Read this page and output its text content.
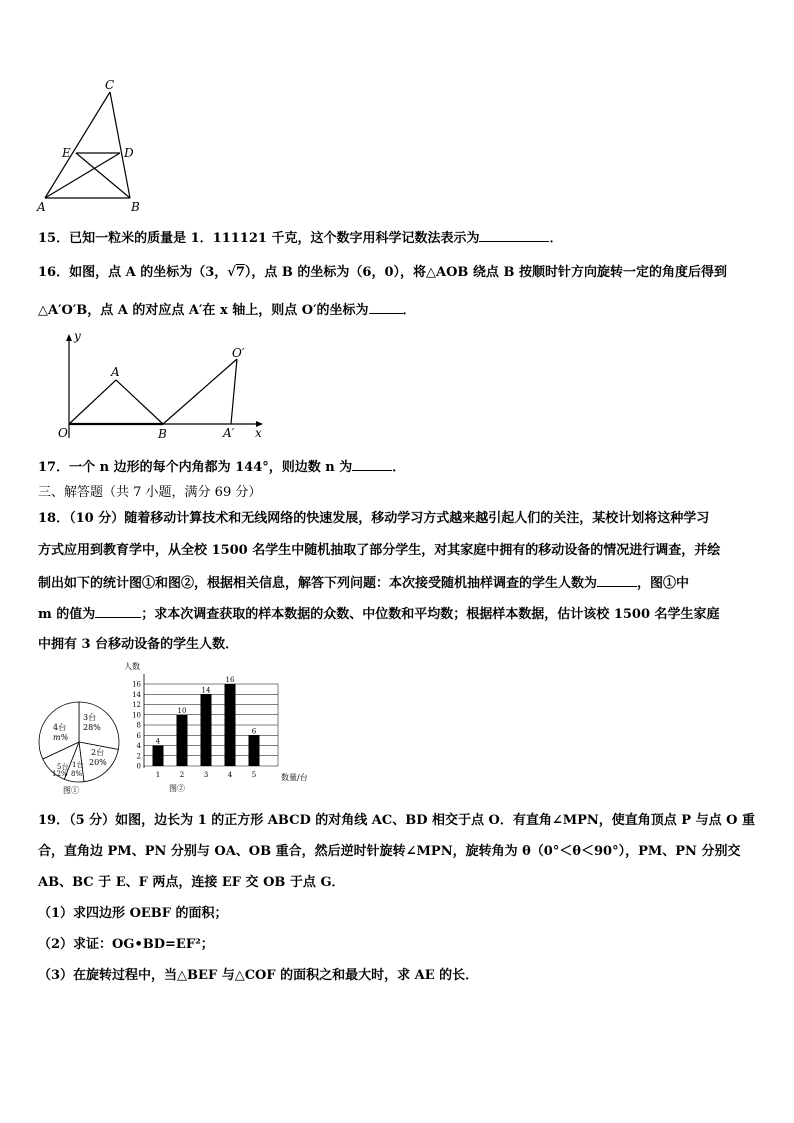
C
E	D
A	B
15．已知一粒米的质量是 1．111121 千克，这个数字用科学记数法表示为	．
16．如图，点 A 的坐标为（3，√7），点 B 的坐标为（6，0），将△AOB 绕点 B 按顺时针方向旋转一定的角度后得到
△A′O′B，点 A 的对应点 A′在 x 轴上，则点 O′的坐标为	．
y
x
O
A
B
O′
A′
17．一个 n 边形的每个内角都为 144°，则边数 n 为	．
三、解答题（共 7 小题，满分 69 分）
18．（10 分）随着移动计算技术和无线网络的快速发展，移动学习方式越来越引起人们的关注，某校计划将这种学习
方式应用到教育学中，从全校 1500 名学生中随机抽取了部分学生，对其家庭中拥有的移动设备的情况进行调查，并绘
制出如下的统计图①和图②，根据相关信息，解答下列问题：本次接受随机抽样调查的学生人数为	，图①中
m 的值为	；求本次调查获取的样本数据的众数、中位数和平均数；根据样本数据，估计该校 1500 名学生家庭
中拥有 3 台移动设备的学生人数．
3台
28%
2台
20%
1台
8%
5台
12%
4台
m%
图①
0
2
4
6
8
10
12
14
16
4
10
14
16
6
1	2	3	4	5
人数
数量/台
图②
19．（5 分）如图，边长为 1 的正方形 ABCD 的对角线 AC、BD 相交于点 O．有直角∠MPN，使直角顶点 P 与点 O 重
合，直角边 PM、PN 分别与 OA、OB 重合，然后逆时针旋转∠MPN，旋转角为 θ（0°＜θ＜90°），PM、PN 分别交
AB、BC 于 E、F 两点，连接 EF 交 OB 于点 G．
（1）求四边形 OEBF 的面积；
（2）求证：OG•BD=EF²；
（3）在旋转过程中，当△BEF 与△COF 的面积之和最大时，求 AE 的长．
